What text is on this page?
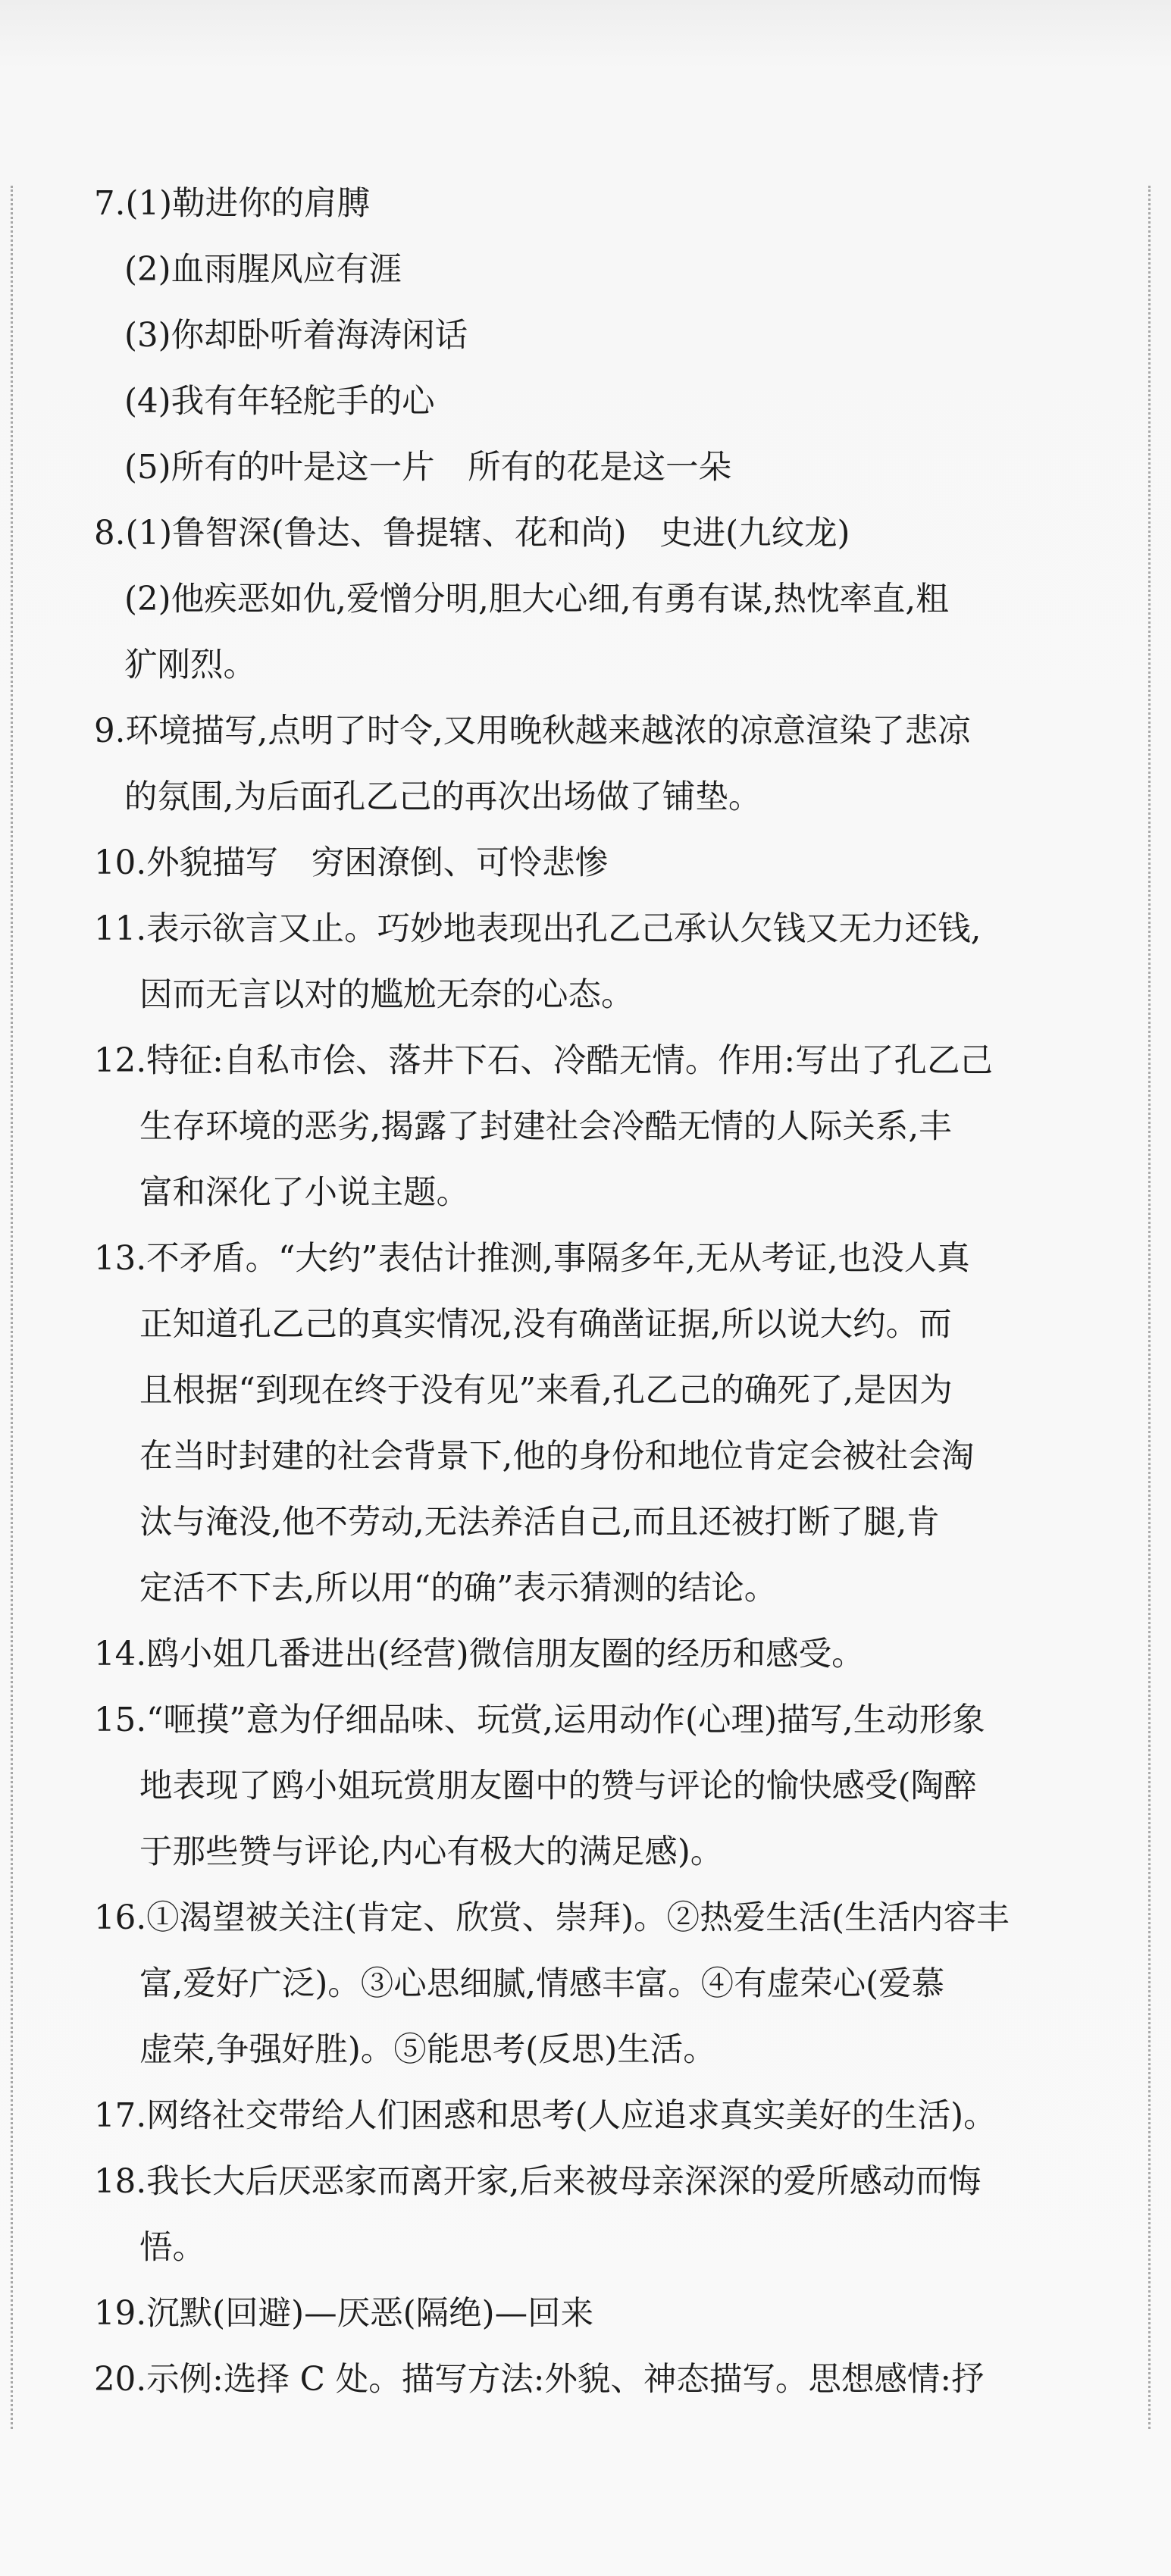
7.(1)勒进你的肩膊
(2)血雨腥风应有涯
(3)你却卧听着海涛闲话
(4)我有年轻舵手的心
(5)所有的叶是这一片　所有的花是这一朵
8.(1)鲁智深(鲁达、鲁提辖、花和尚)　史进(九纹龙)
(2)他疾恶如仇,爱憎分明,胆大心细,有勇有谋,热忱率直,粗
犷刚烈。
9.环境描写,点明了时令,又用晚秋越来越浓的凉意渲染了悲凉
的氛围,为后面孔乙己的再次出场做了铺垫。
10.外貌描写　穷困潦倒、可怜悲惨
11.表示欲言又止。巧妙地表现出孔乙己承认欠钱又无力还钱,
因而无言以对的尴尬无奈的心态。
12.特征:自私市侩、落井下石、冷酷无情。作用:写出了孔乙己
生存环境的恶劣,揭露了封建社会冷酷无情的人际关系,丰
富和深化了小说主题。
13.不矛盾。“大约”表估计推测,事隔多年,无从考证,也没人真
正知道孔乙己的真实情况,没有确凿证据,所以说大约。而
且根据“到现在终于没有见”来看,孔乙己的确死了,是因为
在当时封建的社会背景下,他的身份和地位肯定会被社会淘
汰与淹没,他不劳动,无法养活自己,而且还被打断了腿,肯
定活不下去,所以用“的确”表示猜测的结论。
14.鸥小姐几番进出(经营)微信朋友圈的经历和感受。
15.“咂摸”意为仔细品味、玩赏,运用动作(心理)描写,生动形象
地表现了鸥小姐玩赏朋友圈中的赞与评论的愉快感受(陶醉
于那些赞与评论,内心有极大的满足感)。
16.①渴望被关注(肯定、欣赏、崇拜)。②热爱生活(生活内容丰
富,爱好广泛)。③心思细腻,情感丰富。④有虚荣心(爱慕
虚荣,争强好胜)。⑤能思考(反思)生活。
17.网络社交带给人们困惑和思考(人应追求真实美好的生活)。
18.我长大后厌恶家而离开家,后来被母亲深深的爱所感动而悔
悟。
19.沉默(回避)—厌恶(隔绝)—回来
20.示例:选择 C 处。描写方法:外貌、神态描写。思想感情:抒
